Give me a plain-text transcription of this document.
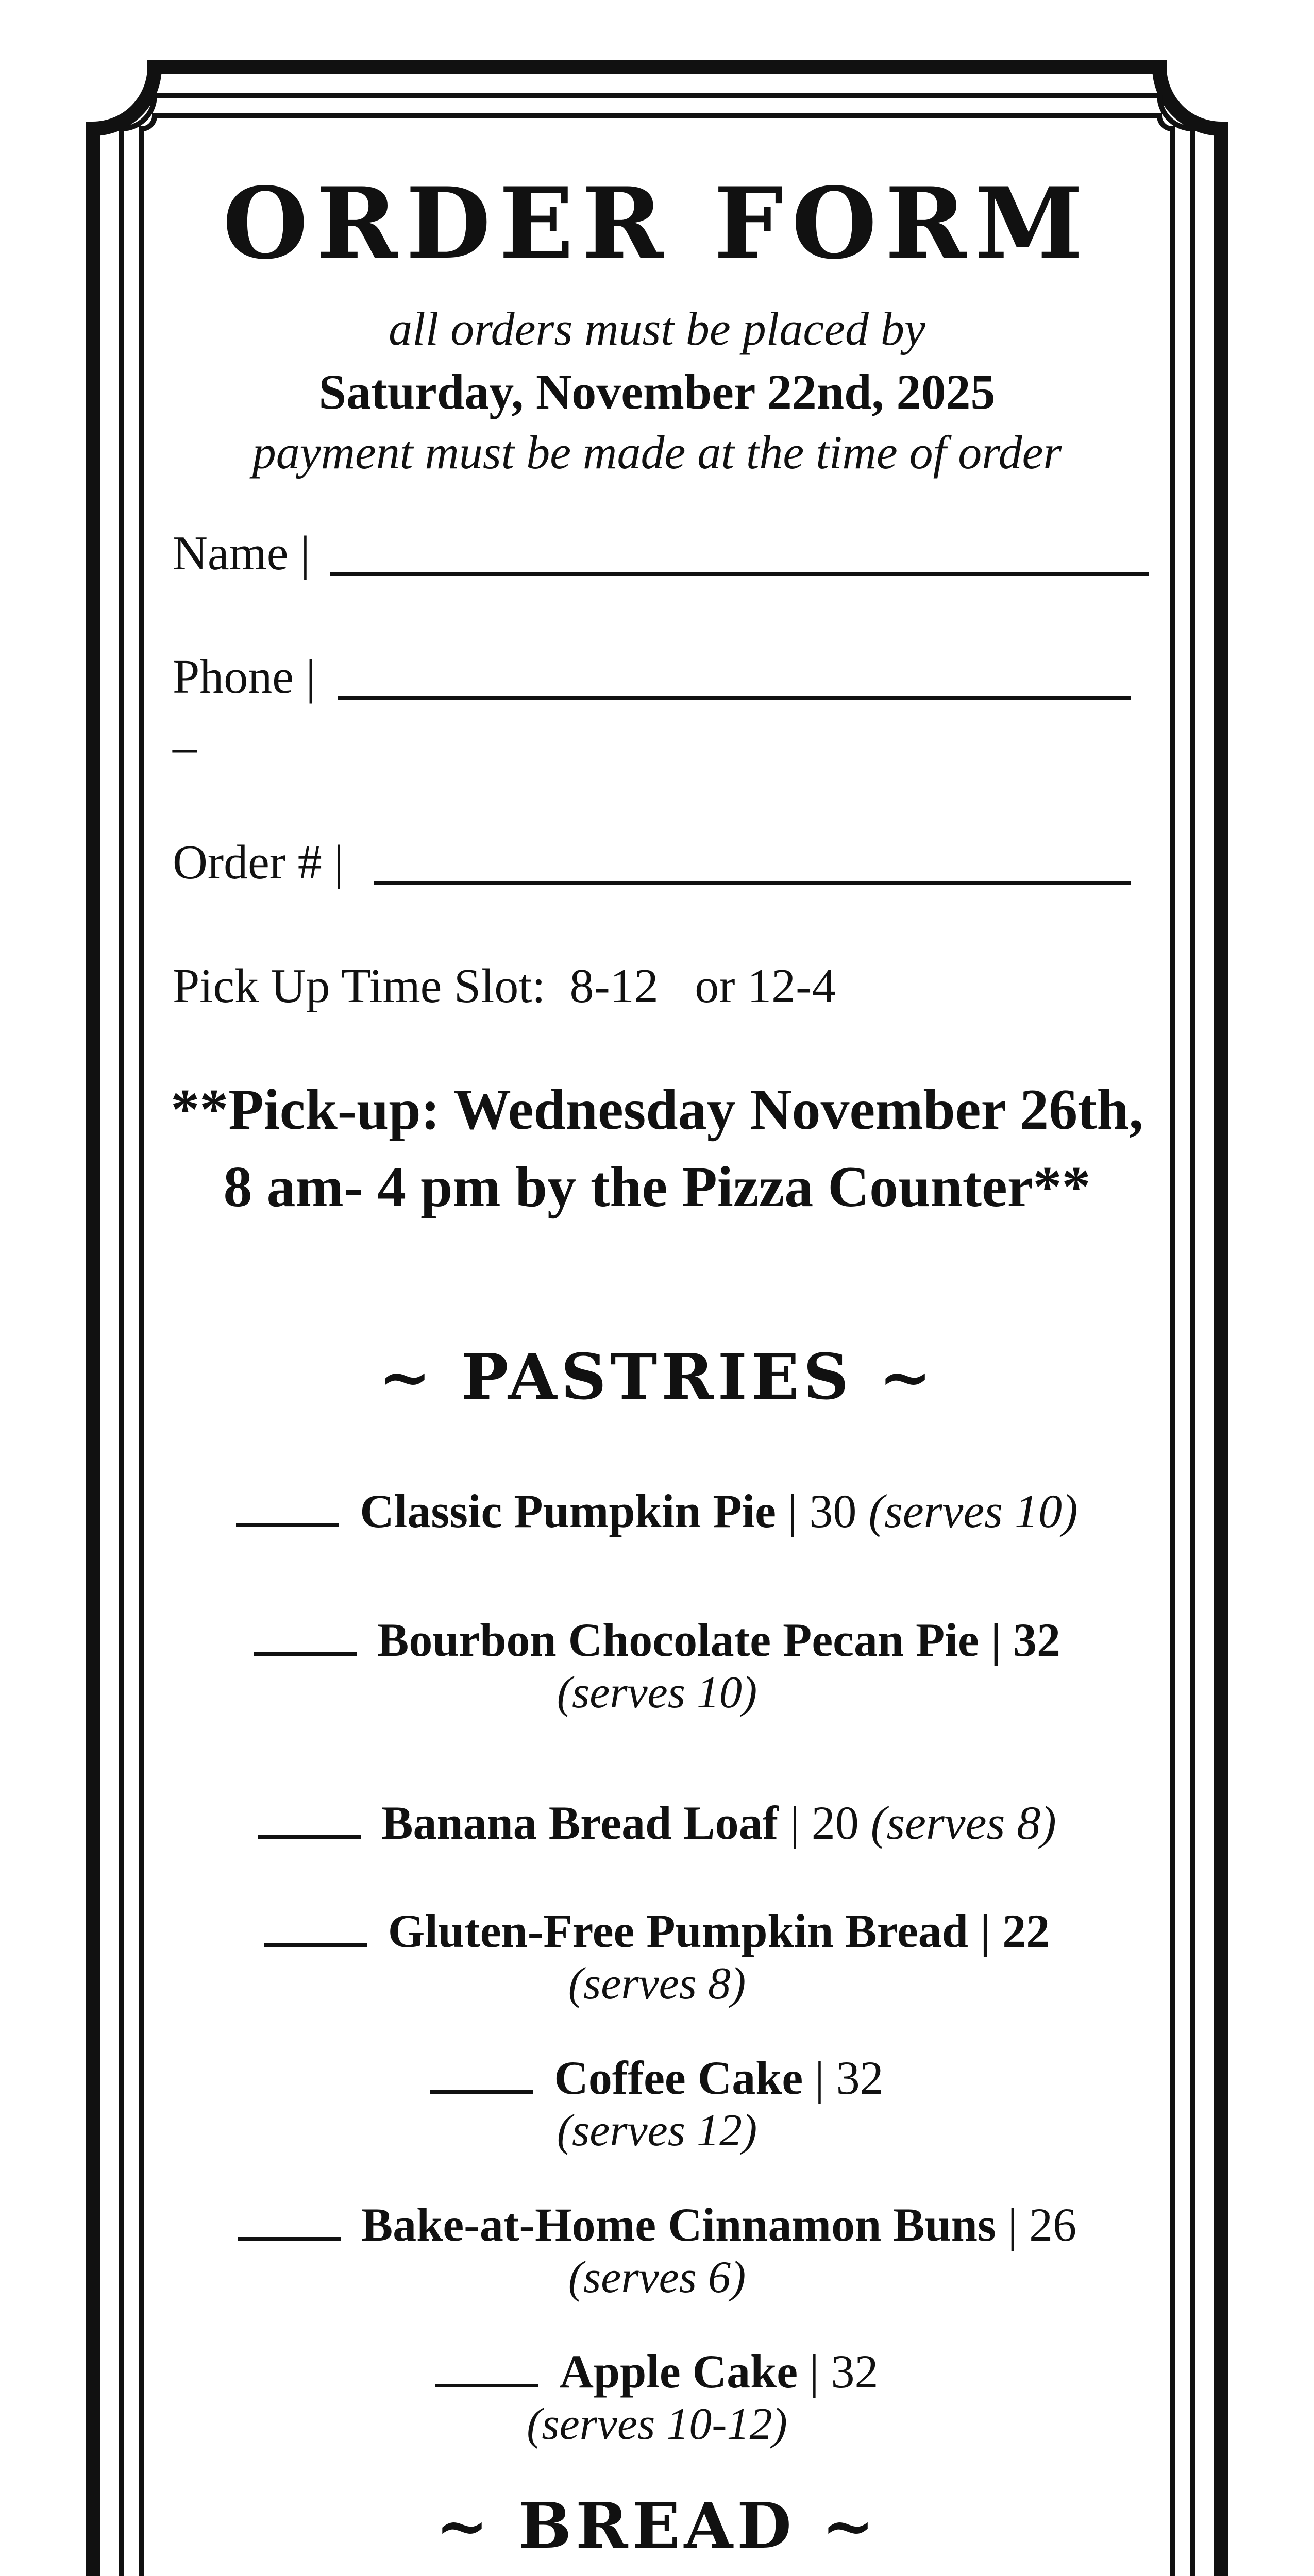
ORDER FORM
all orders must be placed by
Saturday, November 22nd, 2025
payment must be made at the time of order
Name |
Phone |
–
Order # |
Pick Up Time Slot:  8-12   or 12-4
**Pick-up: Wednesday November 26th,
8 am- 4 pm by the Pizza Counter**
~ PASTRIES ~
Classic Pumpkin Pie | 30 (serves 10)
Bourbon Chocolate Pecan Pie | 32
(serves 10)
Banana Bread Loaf | 20 (serves 8)
Gluten-Free Pumpkin Bread | 22
(serves 8)
Coffee Cake | 32
(serves 12)
Bake-at-Home Cinnamon Buns | 26
(serves 6)
Apple Cake | 32
(serves 10-12)
~ BREAD ~
